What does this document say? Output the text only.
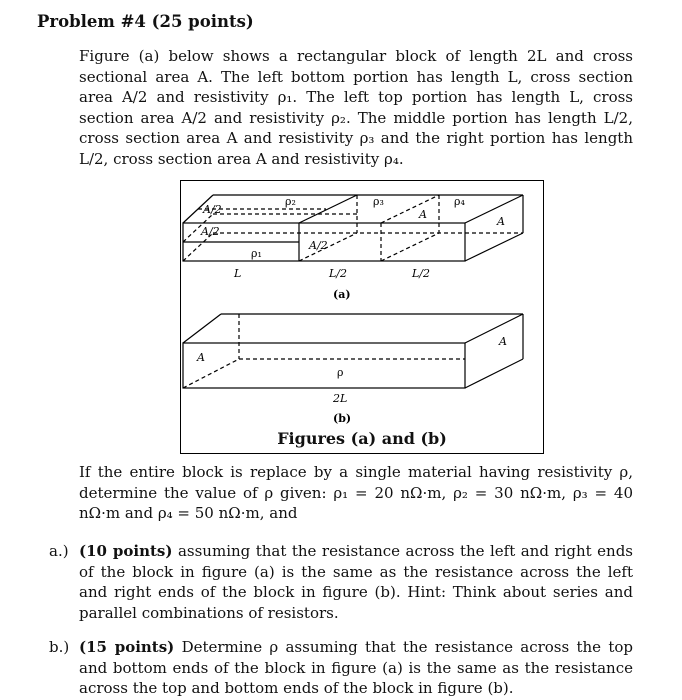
Problem #4 (25 points)
Figure (a) below shows a rectangular block of length 2L and cross sectional area A. The left bottom portion has length L, cross section area A/2 and resistivity ρ₁. The left top portion has length L, cross section area A/2 and resistivity ρ₂. The middle portion has length L/2, cross section area A and resistivity ρ₃ and the right portion has length L/2, cross section area A and resistivity ρ₄.
A/2
A/2
A/2
ρ₂	ρ₃	ρ₄
ρ₁
A
A
L	L/2	L/2
(a)
A
A
ρ
2L
(b)
Figures (a) and (b)
If the entire block is replace by a single material having resistivity ρ, determine the value of ρ given: ρ₁ = 20 nΩ·m, ρ₂ = 30 nΩ·m, ρ₃ = 40 nΩ·m and ρ₄ = 50 nΩ·m, and
a.) (10 points) assuming that the resistance across the left and right ends of the block in figure (a) is the same as the resistance across the left and right ends of the block in figure (b). Hint: Think about series and parallel combinations of resistors.
b.) (15 points) Determine ρ assuming that the resistance across the top and bottom ends of the block in figure (a) is the same as the resistance across the top and bottom ends of the block in figure (b).
